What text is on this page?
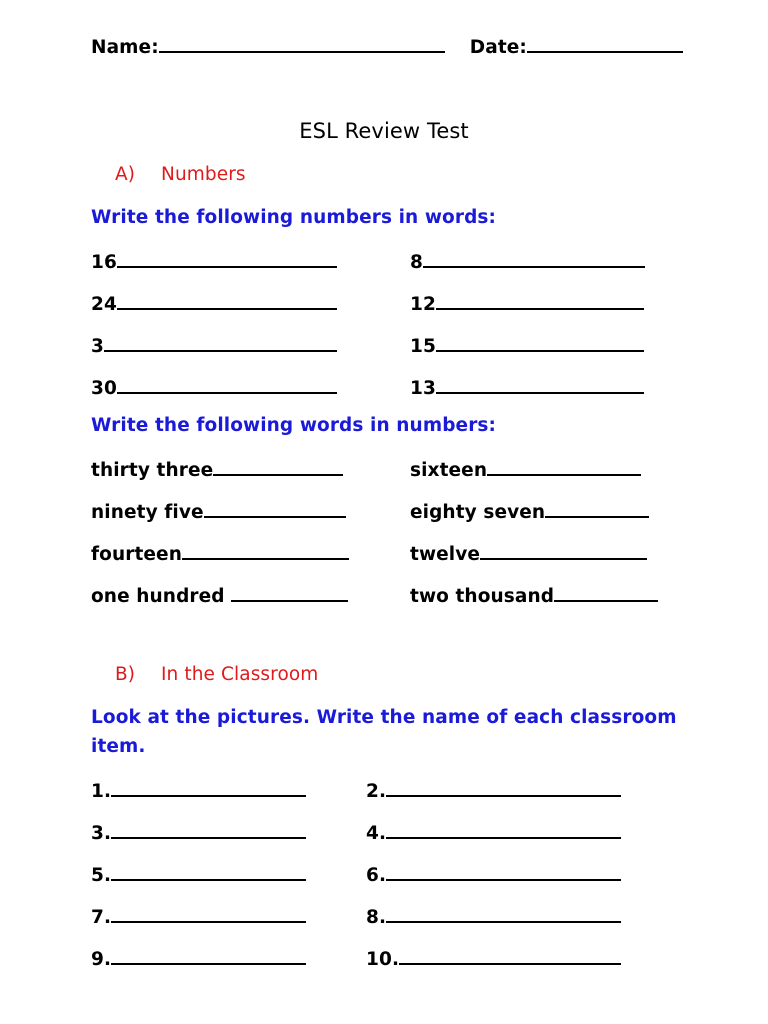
Name:	Date:
ESL Review Test
A) Numbers
Write the following numbers in words:
16
24
3
30
8
12
15
13
Write the following words in numbers:
thirty three
ninety five
fourteen
one hundred
sixteen
eighty seven
twelve
two thousand
B) In the Classroom
Look at the pictures. Write the name of each classroom
item.
1.
3.
5.
7.
9.
2.
4.
6.
8.
10.
